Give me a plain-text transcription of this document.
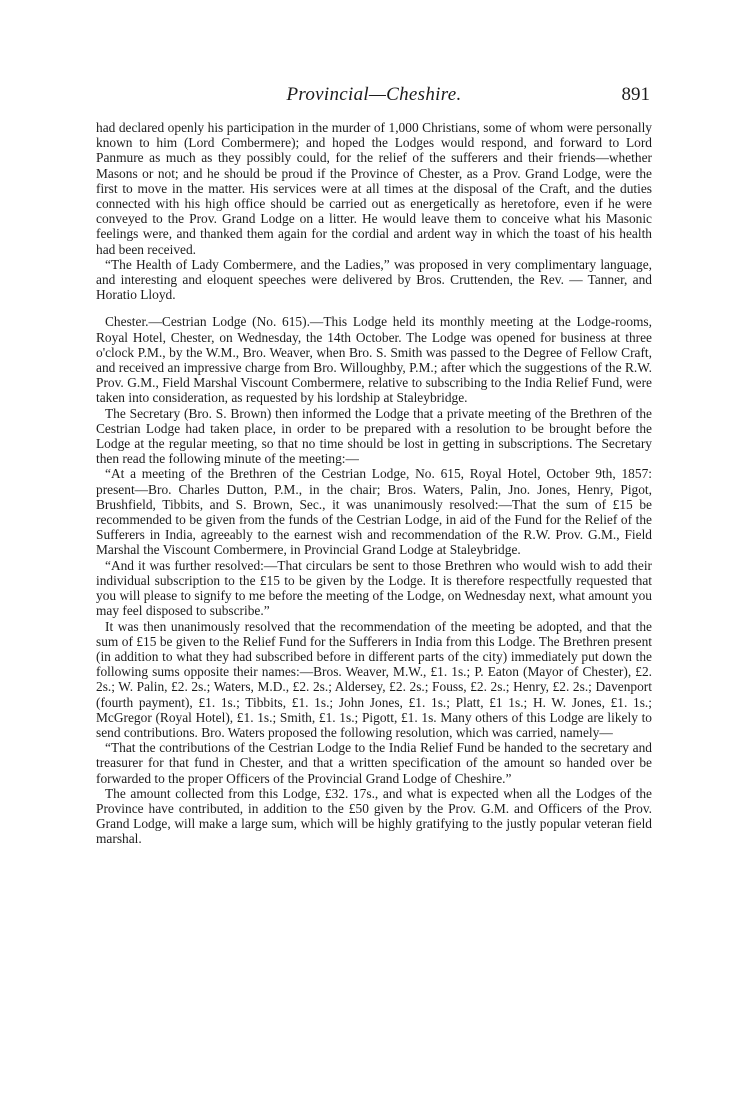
Provincial—Cheshire.	891

had declared openly his participation in the murder of 1,000 Christians, some of whom were personally known to him (Lord Combermere); and hoped the Lodges would respond, and forward to Lord Panmure as much as they possibly could, for the relief of the sufferers and their friends—whether Masons or not; and he should be proud if the Province of Chester, as a Prov. Grand Lodge, were the first to move in the matter. His services were at all times at the disposal of the Craft, and the duties connected with his high office should be carried out as energetically as heretofore, even if he were conveyed to the Prov. Grand Lodge on a litter. He would leave them to conceive what his Masonic feelings were, and thanked them again for the cordial and ardent way in which the toast of his health had been received.

“The Health of Lady Combermere, and the Ladies,” was proposed in very complimentary language, and interesting and eloquent speeches were delivered by Bros. Cruttenden, the Rev. — Tanner, and Horatio Lloyd.

Chester.—Cestrian Lodge (No. 615).—This Lodge held its monthly meeting at the Lodge-rooms, Royal Hotel, Chester, on Wednesday, the 14th October. The Lodge was opened for business at three o'clock P.M., by the W.M., Bro. Weaver, when Bro. S. Smith was passed to the Degree of Fellow Craft, and received an impressive charge from Bro. Willoughby, P.M.; after which the suggestions of the R.W. Prov. G.M., Field Marshal Viscount Combermere, relative to subscribing to the India Relief Fund, were taken into consideration, as requested by his lordship at Staleybridge.

The Secretary (Bro. S. Brown) then informed the Lodge that a private meeting of the Brethren of the Cestrian Lodge had taken place, in order to be prepared with a resolution to be brought before the Lodge at the regular meeting, so that no time should be lost in getting in subscriptions. The Secretary then read the following minute of the meeting:—

“At a meeting of the Brethren of the Cestrian Lodge, No. 615, Royal Hotel, October 9th, 1857: present—Bro. Charles Dutton, P.M., in the chair; Bros. Waters, Palin, Jno. Jones, Henry, Pigot, Brushfield, Tibbits, and S. Brown, Sec., it was unanimously resolved:—That the sum of £15 be recommended to be given from the funds of the Cestrian Lodge, in aid of the Fund for the Relief of the Sufferers in India, agreeably to the earnest wish and recommendation of the R.W. Prov. G.M., Field Marshal the Viscount Combermere, in Provincial Grand Lodge at Staleybridge.

“And it was further resolved:—That circulars be sent to those Brethren who would wish to add their individual subscription to the £15 to be given by the Lodge. It is therefore respectfully requested that you will please to signify to me before the meeting of the Lodge, on Wednesday next, what amount you may feel disposed to subscribe.”

It was then unanimously resolved that the recommendation of the meeting be adopted, and that the sum of £15 be given to the Relief Fund for the Sufferers in India from this Lodge. The Brethren present (in addition to what they had subscribed before in different parts of the city) immediately put down the following sums opposite their names:—Bros. Weaver, M.W., £1. 1s.; P. Eaton (Mayor of Chester), £2. 2s.; W. Palin, £2. 2s.; Waters, M.D., £2. 2s.; Aldersey, £2. 2s.; Fouss, £2. 2s.; Henry, £2. 2s.; Davenport (fourth payment), £1. 1s.; Tibbits, £1. 1s.; John Jones, £1. 1s.; Platt, £1 1s.; H. W. Jones, £1. 1s.; McGregor (Royal Hotel), £1. 1s.; Smith, £1. 1s.; Pigott, £1. 1s. Many others of this Lodge are likely to send contributions. Bro. Waters proposed the following resolution, which was carried, namely—

“That the contributions of the Cestrian Lodge to the India Relief Fund be handed to the secretary and treasurer for that fund in Chester, and that a written specification of the amount so handed over be forwarded to the proper Officers of the Provincial Grand Lodge of Cheshire.”

The amount collected from this Lodge, £32. 17s., and what is expected when all the Lodges of the Province have contributed, in addition to the £50 given by the Prov. G.M. and Officers of the Prov. Grand Lodge, will make a large sum, which will be highly gratifying to the justly popular veteran field marshal.
